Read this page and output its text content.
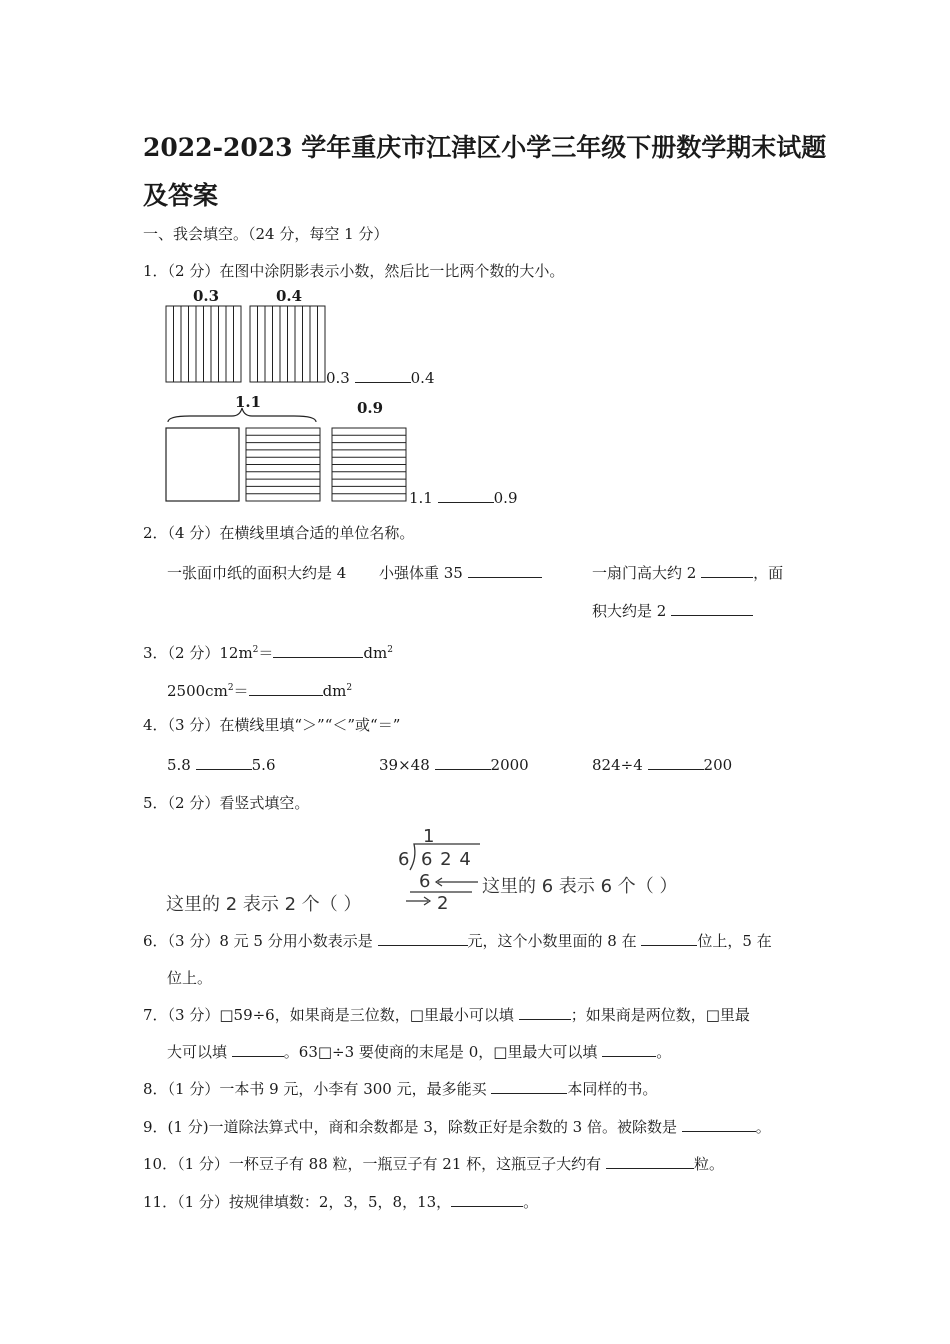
2022-2023 学年重庆市江津区小学三年级下册数学期末试题
及答案
一、我会填空。（24 分，每空 1 分）
1．（2 分）在图中涂阴影表示小数，然后比一比两个数的大小。
0.3	0.4
0.3	0.4
1.1	0.9
1.1	0.9
2．（4 分）在横线里填合适的单位名称。
一张面巾纸的面积大约是 4 小强体重 35	一扇门高大约 2	，面
积大约是 2
3．（2 分）$12m^2=$	$dm^2$
$2500cm^2=$	$dm^2$
4．（3 分）在横线里填“＞”“＜”或“＝”
5.8	5.6	39×48	2000	824÷4	200
5．（2 分）看竖式填空。
1
6 6 2 4
6
2
这里的 6 表示 6 个（ ）
这里的 2 表示 2 个（ ）
6．（3 分）8 元 5 分用小数表示是	元，这个小数里面的 8 在	位上，5 在
位上。
7．（3 分）□59÷6，如果商是三位数，□里最小可以填	；如果商是两位数，□里最
大可以填	。63□÷3 要使商的末尾是 0，□里最大可以填	。
8．（1 分）一本书 9 元，小李有 300 元，最多能买	本同样的书。
9．(1 分)一道除法算式中，商和余数都是 3，除数正好是余数的 3 倍。被除数是	。
10．（1 分）一杯豆子有 88 粒，一瓶豆子有 21 杯，这瓶豆子大约有	粒。
11．（1 分）按规律填数：2，3，5，8，13，	。
